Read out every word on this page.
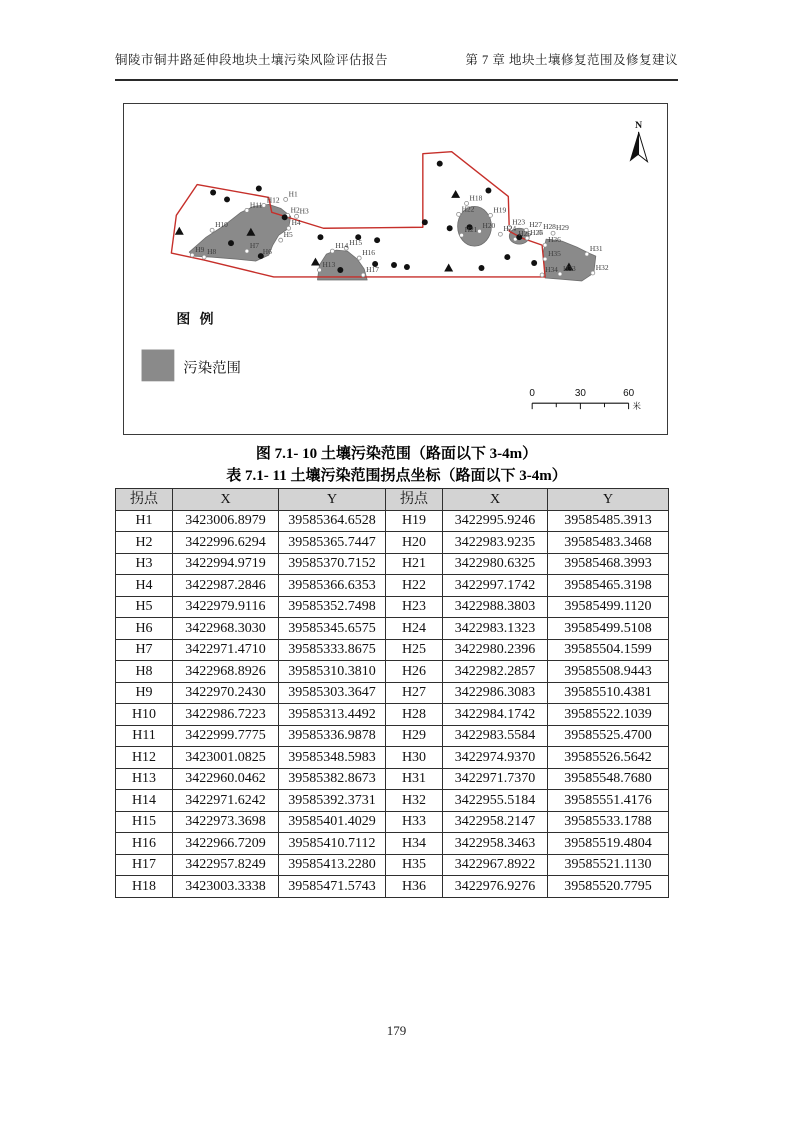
铜陵市铜井路延伸段地块土壤污染风险评估报告	第 7 章 地块土壤修复范围及修复建议
H1
H2 H3
H4
H5
H6
H7
H8
H9
H10
H11
H12
H13
H14 H15
H16
H17
H18
H19
H20
H21
H22
H23
H24
H25 H26
H27 H28 H29
H31
H32
H33
H34
H35
H36
N
图 例
污染范围
0	30	60
米
图 7.1- 10 土壤污染范围（路面以下 3-4m）
表 7.1- 11 土壤污染范围拐点坐标（路面以下 3-4m）
拐点	X	Y	拐点	X	Y
H1	3423006.8979	39585364.6528	H19	3422995.9246	39585485.3913
H2	3422996.6294	39585365.7447	H20	3422983.9235	39585483.3468
H3	3422994.9719	39585370.7152	H21	3422980.6325	39585468.3993
H4	3422987.2846	39585366.6353	H22	3422997.1742	39585465.3198
H5	3422979.9116	39585352.7498	H23	3422988.3803	39585499.1120
H6	3422968.3030	39585345.6575	H24	3422983.1323	39585499.5108
H7	3422971.4710	39585333.8675	H25	3422980.2396	39585504.1599
H8	3422968.8926	39585310.3810	H26	3422982.2857	39585508.9443
H9	3422970.2430	39585303.3647	H27	3422986.3083	39585510.4381
H10	3422986.7223	39585313.4492	H28	3422984.1742	39585522.1039
H11	3422999.7775	39585336.9878	H29	3422983.5584	39585525.4700
H12	3423001.0825	39585348.5983	H30	3422974.9370	39585526.5642
H13	3422960.0462	39585382.8673	H31	3422971.7370	39585548.7680
H14	3422971.6242	39585392.3731	H32	3422955.5184	39585551.4176
H15	3422973.3698	39585401.4029	H33	3422958.2147	39585533.1788
H16	3422966.7209	39585410.7112	H34	3422958.3463	39585519.4804
H17	3422957.8249	39585413.2280	H35	3422967.8922	39585521.1130
H18	3423003.3338	39585471.5743	H36	3422976.9276	39585520.7795
179
